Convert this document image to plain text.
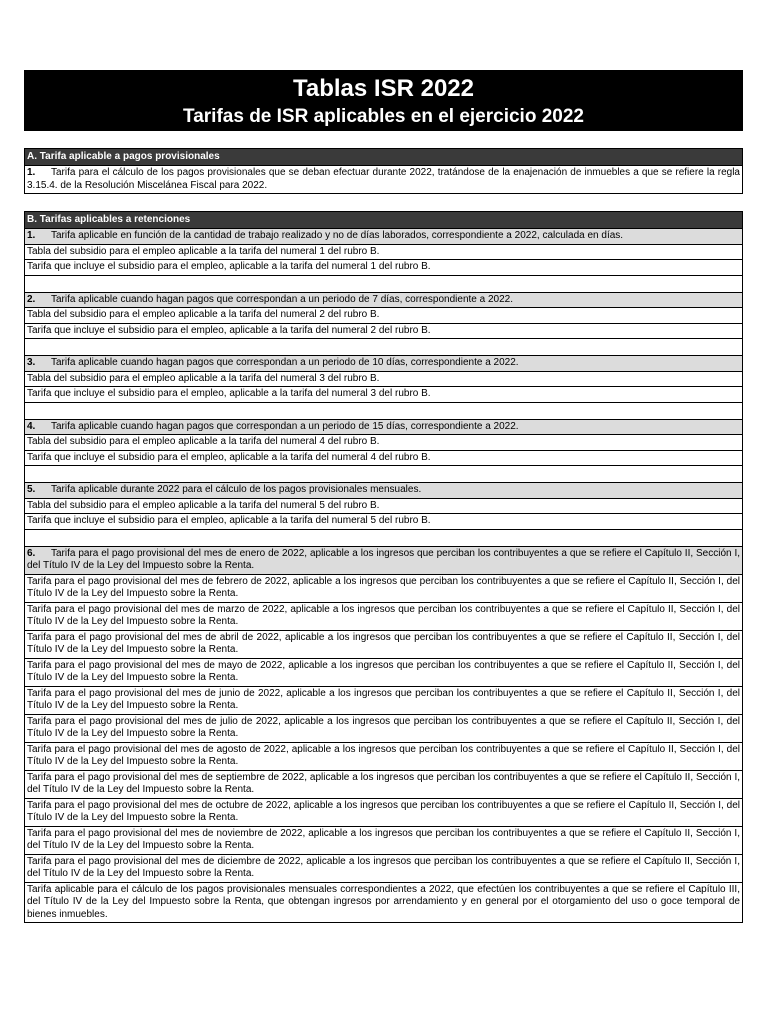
Tablas ISR 2022
Tarifas de ISR aplicables en el ejercicio 2022
A. Tarifa aplicable a pagos provisionales
1. Tarifa para el cálculo de los pagos provisionales que se deban efectuar durante 2022, tratándose de la enajenación de inmuebles a que se refiere la regla 3.15.4. de la Resolución Miscelánea Fiscal para 2022.
B. Tarifas aplicables a retenciones
1. Tarifa aplicable en función de la cantidad de trabajo realizado y no de días laborados, correspondiente a 2022, calculada en días.
Tabla del subsidio para el empleo aplicable a la tarifa del numeral 1 del rubro B.
Tarifa que incluye el subsidio para el empleo, aplicable a la tarifa del numeral 1 del rubro B.
2. Tarifa aplicable cuando hagan pagos que correspondan a un periodo de 7 días, correspondiente a 2022.
Tabla del subsidio para el empleo aplicable a la tarifa del numeral 2 del rubro B.
Tarifa que incluye el subsidio para el empleo, aplicable a la tarifa del numeral 2 del rubro B.
3. Tarifa aplicable cuando hagan pagos que correspondan a un periodo de 10 días, correspondiente a 2022.
Tabla del subsidio para el empleo aplicable a la tarifa del numeral 3 del rubro B.
Tarifa que incluye el subsidio para el empleo, aplicable a la tarifa del numeral 3 del rubro B.
4. Tarifa aplicable cuando hagan pagos que correspondan a un periodo de 15 días, correspondiente a 2022.
Tabla del subsidio para el empleo aplicable a la tarifa del numeral 4 del rubro B.
Tarifa que incluye el subsidio para el empleo, aplicable a la tarifa del numeral 4 del rubro B.
5. Tarifa aplicable durante 2022 para el cálculo de los pagos provisionales mensuales.
Tabla del subsidio para el empleo aplicable a la tarifa del numeral 5 del rubro B.
Tarifa que incluye el subsidio para el empleo, aplicable a la tarifa del numeral 5 del rubro B.
6. Tarifa para el pago provisional del mes de enero de 2022, aplicable a los ingresos que perciban los contribuyentes a que se refiere el Capítulo II, Sección I, del Título IV de la Ley del Impuesto sobre la Renta.
Tarifa para el pago provisional del mes de febrero de 2022, aplicable a los ingresos que perciban los contribuyentes a que se refiere el Capítulo II, Sección I, del Título IV de la Ley del Impuesto sobre la Renta.
Tarifa para el pago provisional del mes de marzo de 2022, aplicable a los ingresos que perciban los contribuyentes a que se refiere el Capítulo II, Sección I, del Título IV de la Ley del Impuesto sobre la Renta.
Tarifa para el pago provisional del mes de abril de 2022, aplicable a los ingresos que perciban los contribuyentes a que se refiere el Capítulo II, Sección I, del Título IV de la Ley del Impuesto sobre la Renta.
Tarifa para el pago provisional del mes de mayo de 2022, aplicable a los ingresos que perciban los contribuyentes a que se refiere el Capítulo II, Sección I, del Título IV de la Ley del Impuesto sobre la Renta.
Tarifa para el pago provisional del mes de junio de 2022, aplicable a los ingresos que perciban los contribuyentes a que se refiere el Capítulo II, Sección I, del Título IV de la Ley del Impuesto sobre la Renta.
Tarifa para el pago provisional del mes de julio de 2022, aplicable a los ingresos que perciban los contribuyentes a que se refiere el Capítulo II, Sección I, del Título IV de la Ley del Impuesto sobre la Renta.
Tarifa para el pago provisional del mes de agosto de 2022, aplicable a los ingresos que perciban los contribuyentes a que se refiere el Capítulo II, Sección I, del Título IV de la Ley del Impuesto sobre la Renta.
Tarifa para el pago provisional del mes de septiembre de 2022, aplicable a los ingresos que perciban los contribuyentes a que se refiere el Capítulo II, Sección I, del Título IV de la Ley del Impuesto sobre la Renta.
Tarifa para el pago provisional del mes de octubre de 2022, aplicable a los ingresos que perciban los contribuyentes a que se refiere el Capítulo II, Sección I, del Título IV de la Ley del Impuesto sobre la Renta.
Tarifa para el pago provisional del mes de noviembre de 2022, aplicable a los ingresos que perciban los contribuyentes a que se refiere el Capítulo II, Sección I, del Título IV de la Ley del Impuesto sobre la Renta.
Tarifa para el pago provisional del mes de diciembre de 2022, aplicable a los ingresos que perciban los contribuyentes a que se refiere el Capítulo II, Sección I, del Título IV de la Ley del Impuesto sobre la Renta.
Tarifa aplicable para el cálculo de los pagos provisionales mensuales correspondientes a 2022, que efectúen los contribuyentes a que se refiere el Capítulo III, del Título IV de la Ley del Impuesto sobre la Renta, que obtengan ingresos por arrendamiento y en general por el otorgamiento del uso o goce temporal de bienes inmuebles.
